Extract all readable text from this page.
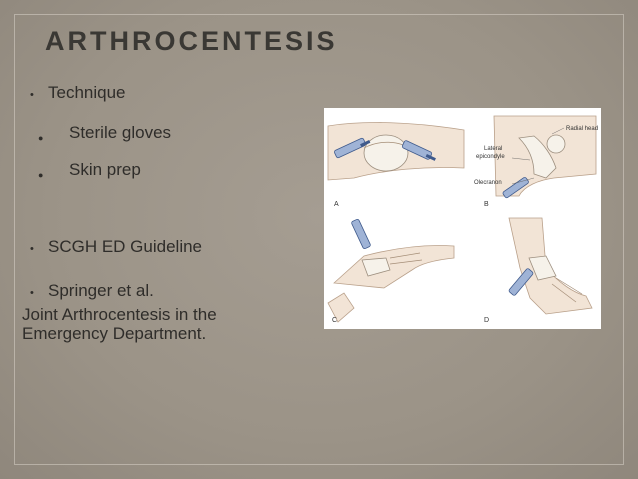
ARTHROCENTESIS
• Technique
● Sterile gloves
● Skin prep
• SCGH ED Guideline
• Springer et al.
Joint Arthrocentesis in the
Emergency Department.
A
Radial head
Lateral
epicondyle
Olecranon
B
C	D
